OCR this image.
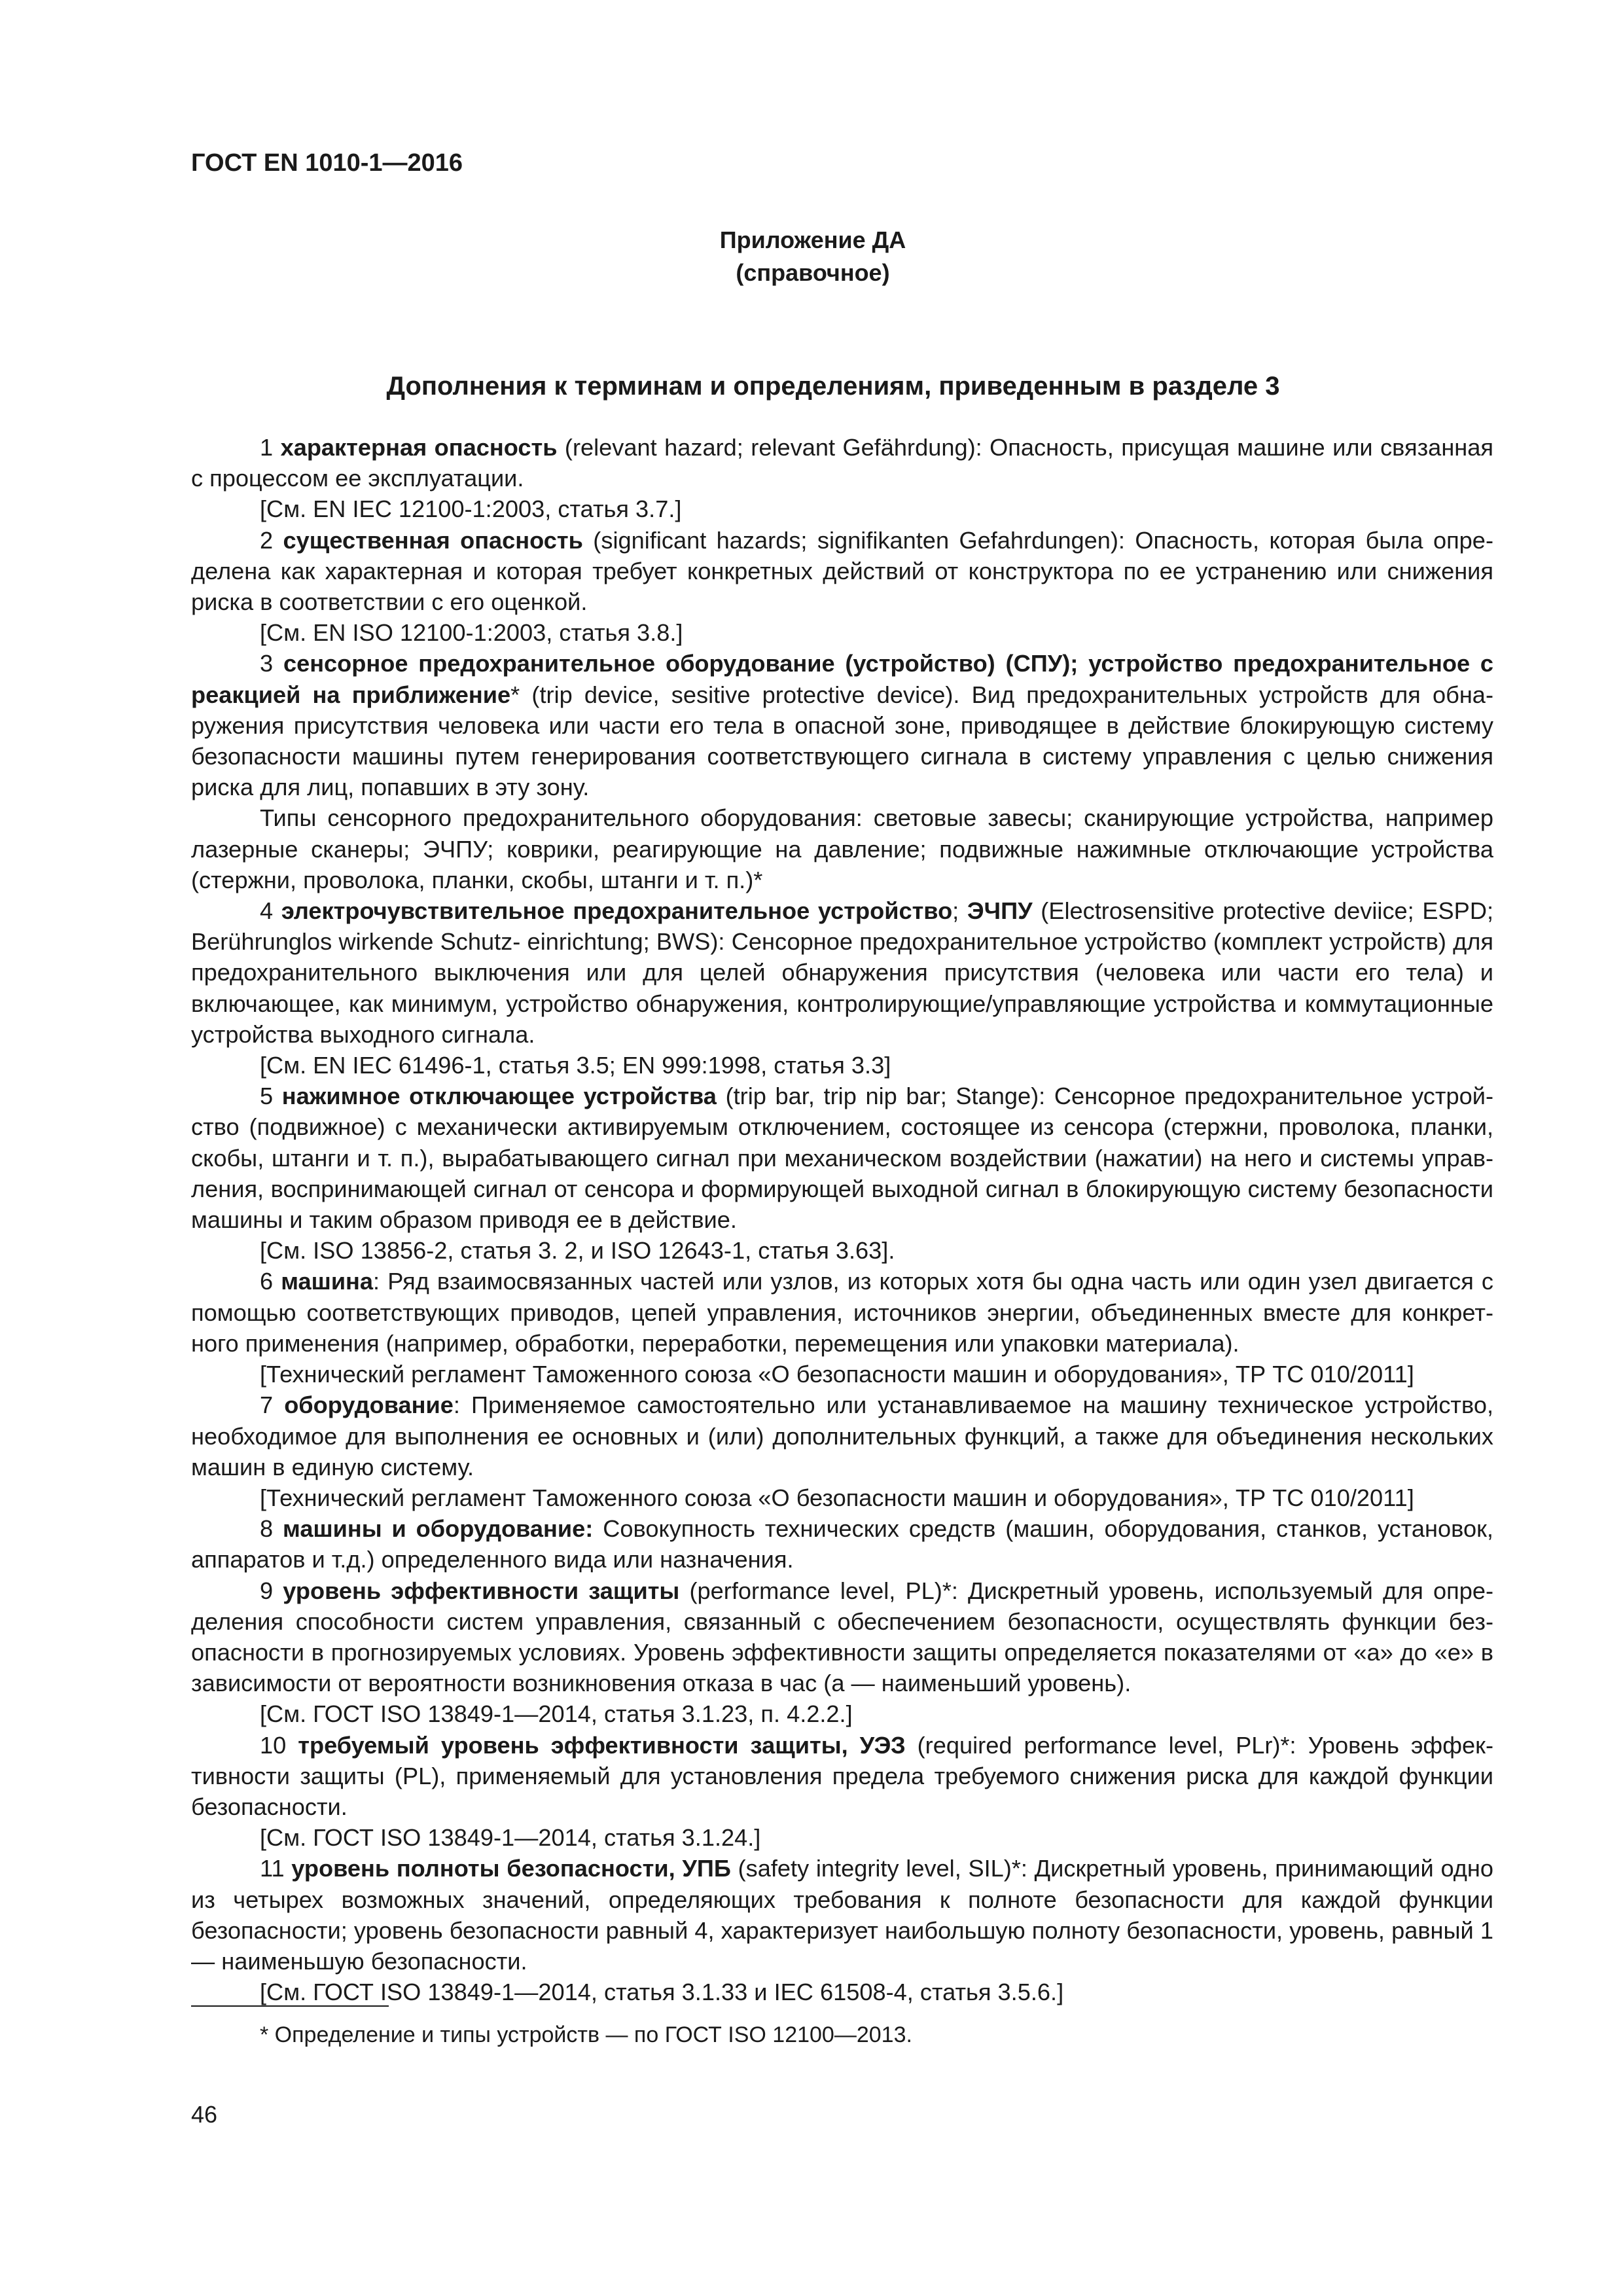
ГОСТ EN 1010-1—2016

Приложение ДА
(справочное)
Дополнения к терминам и определениям, приведенным в разделе 3

1 характерная опасность (relevant hazard; relevant Gefährdung): Опасность, присущая машине или связанная с процессом ее эксплуатации.

[См. EN IEC 12100-1:2003, статья 3.7.]

2 существенная опасность (significant hazards; signifikanten Gefahrdungen): Опасность, которая была определена как характерная и которая требует конкретных действий от конструктора по ее устранению или снижения риска в соответствии с его оценкой.

[См. EN ISO 12100-1:2003, статья 3.8.]

3 сенсорное предохранительное оборудование (устройство) (СПУ); устройство предохранительное с реакцией на приближение* (trip device, sesitive protective device). Вид предохранительных устройств для обнаружения присутствия человека или части его тела в опасной зоне, приводящее в действие блокирующую систему безопасности машины путем генерирования соответствующего сигнала в систему управления с целью снижения риска для лиц, попавших в эту зону.

Типы сенсорного предохранительного оборудования: световые завесы; сканирующие устройства, например лазерные сканеры; ЭЧПУ; коврики, реагирующие на давление; подвижные нажимные отключающие устройства (стержни, проволока, планки, скобы, штанги и т. п.)*

4 электрочувствительное предохранительное устройство; ЭЧПУ (Electrosensitive protective deviice; ESPD; Berührunglos wirkende Schutz- einrichtung; BWS): Сенсорное предохранительное устройство (комплект устройств) для предохранительного выключения или для целей обнаружения присутствия (человека или части его тела) и включающее, как минимум, устройство обнаружения, контролирующие/управляющие устройства и коммутационные устройства выходного сигнала.

[См. EN IEC 61496-1, статья 3.5; EN 999:1998, статья 3.3]

5 нажимное отключающее устройства (trip bar, trip nip bar; Stange): Сенсорное предохранительное устройство (подвижное) с механически активируемым отключением, состоящее из сенсора (стержни, проволока, планки, скобы, штанги и т. п.), вырабатывающего сигнал при механическом воздействии (нажатии) на него и системы управления, воспринимающей сигнал от сенсора и формирующей выходной сигнал в блокирующую систему безопасности машины и таким образом приводя ее в действие.

[См. ISO 13856-2, статья 3. 2, и ISO 12643-1, статья 3.63].

6 машина: Ряд взаимосвязанных частей или узлов, из которых хотя бы одна часть или один узел двигается с помощью соответствующих приводов, цепей управления, источников энергии, объединенных вместе для конкретного применения (например, обработки, переработки, перемещения или упаковки материала).

[Технический регламент Таможенного союза «О безопасности машин и оборудования», ТР ТС 010/2011]

7 оборудование: Применяемое самостоятельно или устанавливаемое на машину техническое устройство, необходимое для выполнения ее основных и (или) дополнительных функций, а также для объединения нескольких машин в единую систему.

[Технический регламент Таможенного союза «О безопасности машин и оборудования», ТР ТС 010/2011]

8 машины и оборудование: Совокупность технических средств (машин, оборудования, станков, установок, аппаратов и т.д.) определенного вида или назначения.

9 уровень эффективности защиты (performance level, PL)*: Дискретный уровень, используемый для определения способности систем управления, связанный с обеспечением безопасности, осуществлять функции безопасности в прогнозируемых условиях. Уровень эффективности защиты определяется показателями от «а» до «е» в зависимости от вероятности возникновения отказа в час (а — наименьший уровень).

[См. ГОСТ ISO 13849-1—2014, статья 3.1.23, п. 4.2.2.]

10 требуемый уровень эффективности защиты, УЭЗ (required performance level, PLr)*: Уровень эффективности защиты (PL), применяемый для установления предела требуемого снижения риска для каждой функции безопасности.

[См. ГОСТ ISO 13849-1—2014, статья 3.1.24.]

11 уровень полноты безопасности, УПБ (safety integrity level, SIL)*: Дискретный уровень, принимающий одно из четырех возможных значений, определяющих требования к полноте безопасности для каждой функции безопасности; уровень безопасности равный 4, характеризует наибольшую полноту безопасности, уровень, равный 1 — наименьшую безопасности.

[См. ГОСТ ISO 13849-1—2014, статья 3.1.33 и IEC 61508-4, статья 3.5.6.]

* Определение и типы устройств — по ГОСТ ISO 12100—2013.

46
